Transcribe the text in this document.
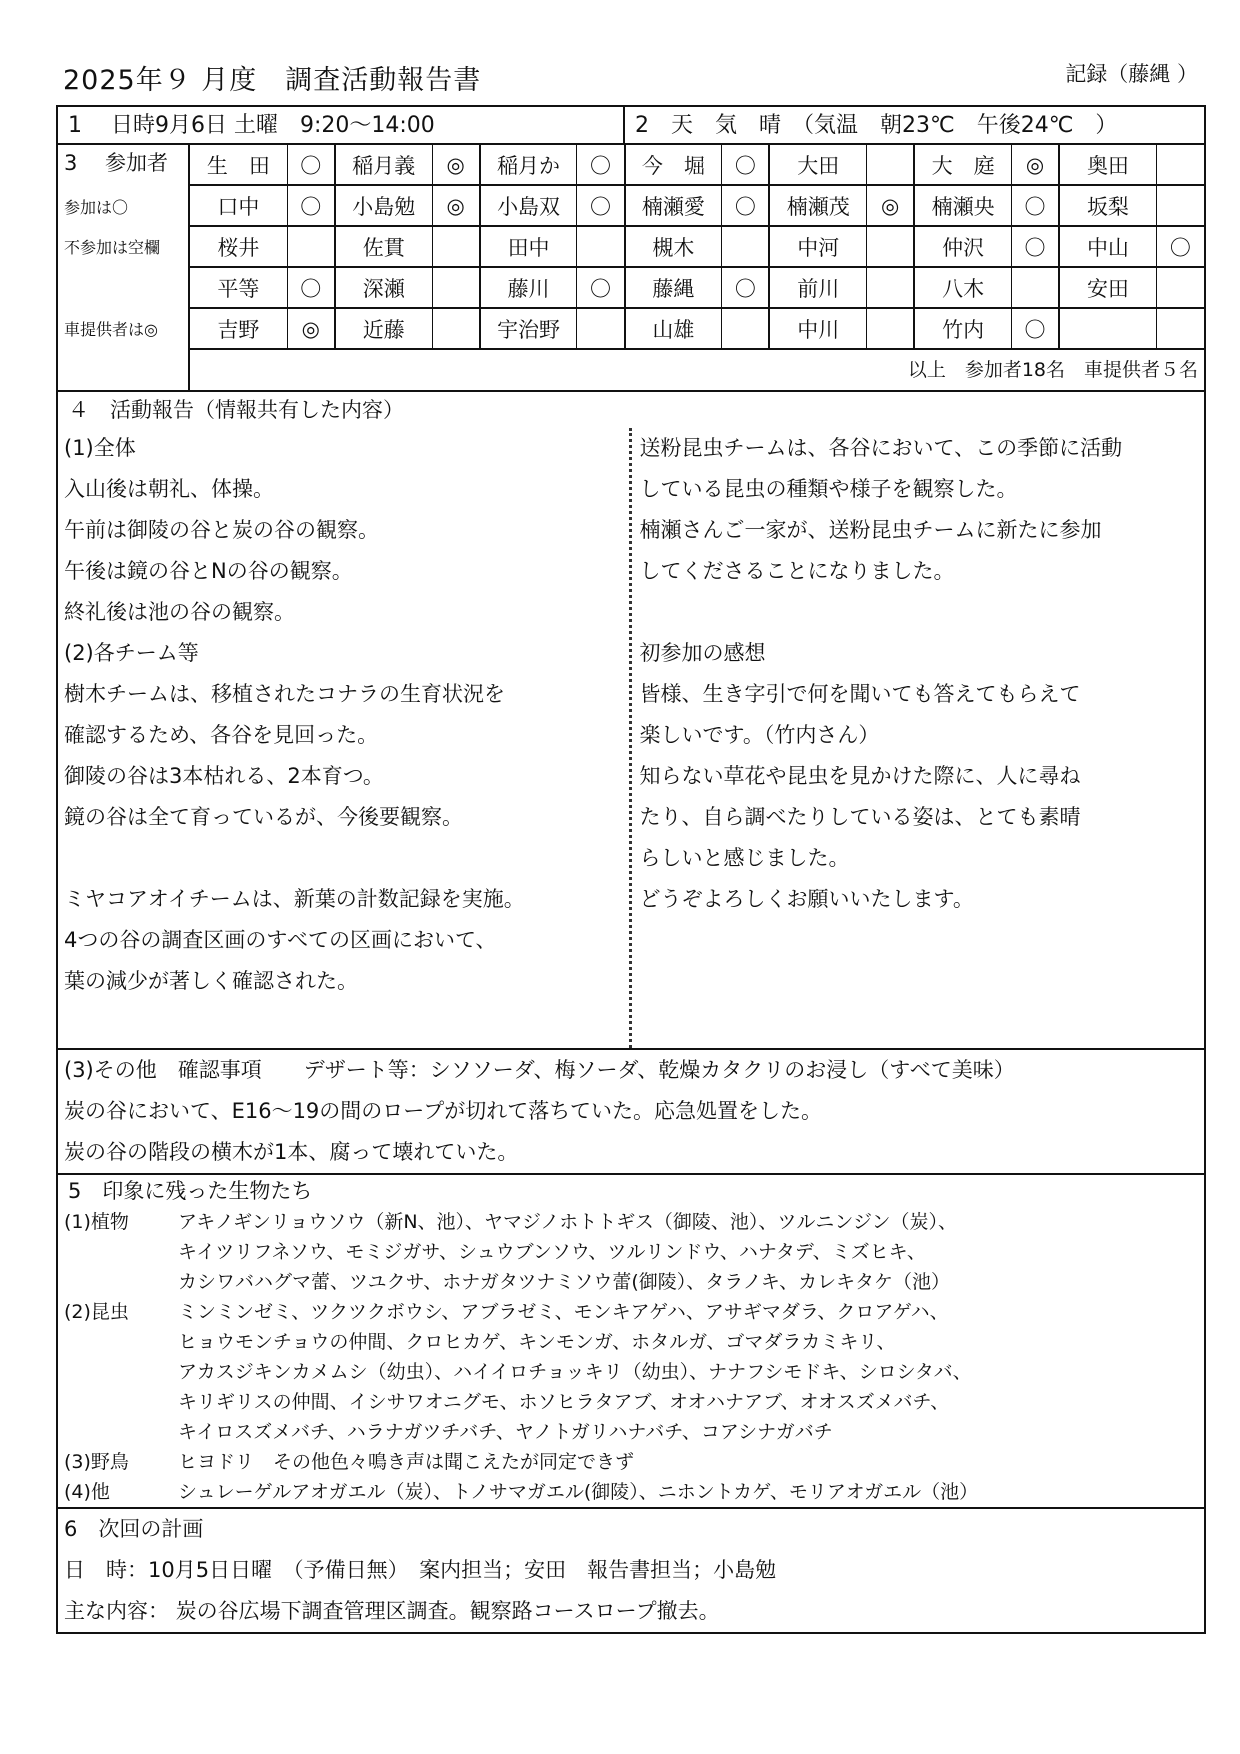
2025年９ 月度　調査活動報告書	記録（藤縄 ）
1　 日時9月6日 土曜　9:20～14:00	2　天　気　晴　（気温　朝23℃　午後24℃　）
3　 参加者
参加は〇
不参加は空欄
車提供者は◎
生　田	〇	稲月義	◎	稲月か	〇	今　堀	〇	大田		大　庭	◎	奥田	
口中	〇	小島勉	◎	小島双	〇	楠瀬愛	〇	楠瀬茂	◎	楠瀬央	〇	坂梨	
桜井		佐貫		田中		槻木		中河		仲沢	〇	中山	〇
平等	〇	深瀬		藤川	〇	藤縄	〇	前川		八木		安田	
吉野	◎	近藤		宇治野		山雄		中川		竹内	〇		
以上　参加者18名　車提供者５名
４　活動報告（情報共有した内容）
(1)全体
入山後は朝礼、体操。
午前は御陵の谷と炭の谷の観察。
午後は鏡の谷とNの谷の観察。
終礼後は池の谷の観察。
(2)各チーム等
樹木チームは、移植されたコナラの生育状況を
確認するため、各谷を見回った。
御陵の谷は3本枯れる、2本育つ。
鏡の谷は全て育っているが、今後要観察。
ミヤコアオイチームは、新葉の計数記録を実施。
4つの谷の調査区画のすべての区画において、
葉の減少が著しく確認された。
送粉昆虫チームは、各谷において、この季節に活動
している昆虫の種類や様子を観察した。
楠瀬さんご一家が、送粉昆虫チームに新たに参加
してくださることになりました。
初参加の感想
皆様、生き字引で何を聞いても答えてもらえて
楽しいです。（竹内さん）
知らない草花や昆虫を見かけた際に、人に尋ね
たり、自ら調べたりしている姿は、とても素晴
らしいと感じました。
どうぞよろしくお願いいたします。
(3)その他　確認事項　　デザート等：シソソーダ、梅ソーダ、乾燥カタクリのお浸し（すべて美味）
炭の谷において、E16～19の間のロープが切れて落ちていた。応急処置をした。
炭の谷の階段の横木が1本、腐って壊れていた。
5　印象に残った生物たち
(1)植物	アキノギンリョウソウ（新N、池）、ヤマジノホトトギス（御陵、池）、ツルニンジン（炭）、
キイツリフネソウ、モミジガサ、シュウブンソウ、ツルリンドウ、ハナタデ、ミズヒキ、
カシワバハグマ蕾、ツユクサ、ホナガタツナミソウ蕾(御陵）、タラノキ、カレキタケ（池）
(2)昆虫	ミンミンゼミ、ツクツクボウシ、アブラゼミ、モンキアゲハ、アサギマダラ、クロアゲハ、
ヒョウモンチョウの仲間、クロヒカゲ、キンモンガ、ホタルガ、ゴマダラカミキリ、
アカスジキンカメムシ（幼虫）、ハイイロチョッキリ（幼虫）、ナナフシモドキ、シロシタバ、
キリギリスの仲間、イシサワオニグモ、ホソヒラタアブ、オオハナアブ、オオスズメバチ、
キイロスズメバチ、ハラナガツチバチ、ヤノトガリハナバチ、コアシナガバチ
(3)野鳥	ヒヨドリ　その他色々鳴き声は聞こえたが同定できず
(4)他	シュレーゲルアオガエル（炭）、トノサマガエル(御陵）、ニホントカゲ、モリアオガエル（池）
6　次回の計画
日　時：10月5日日曜　（予備日無）　案内担当；安田　報告書担当；小島勉
主な内容： 炭の谷広場下調査管理区調査。観察路コースロープ撤去。
